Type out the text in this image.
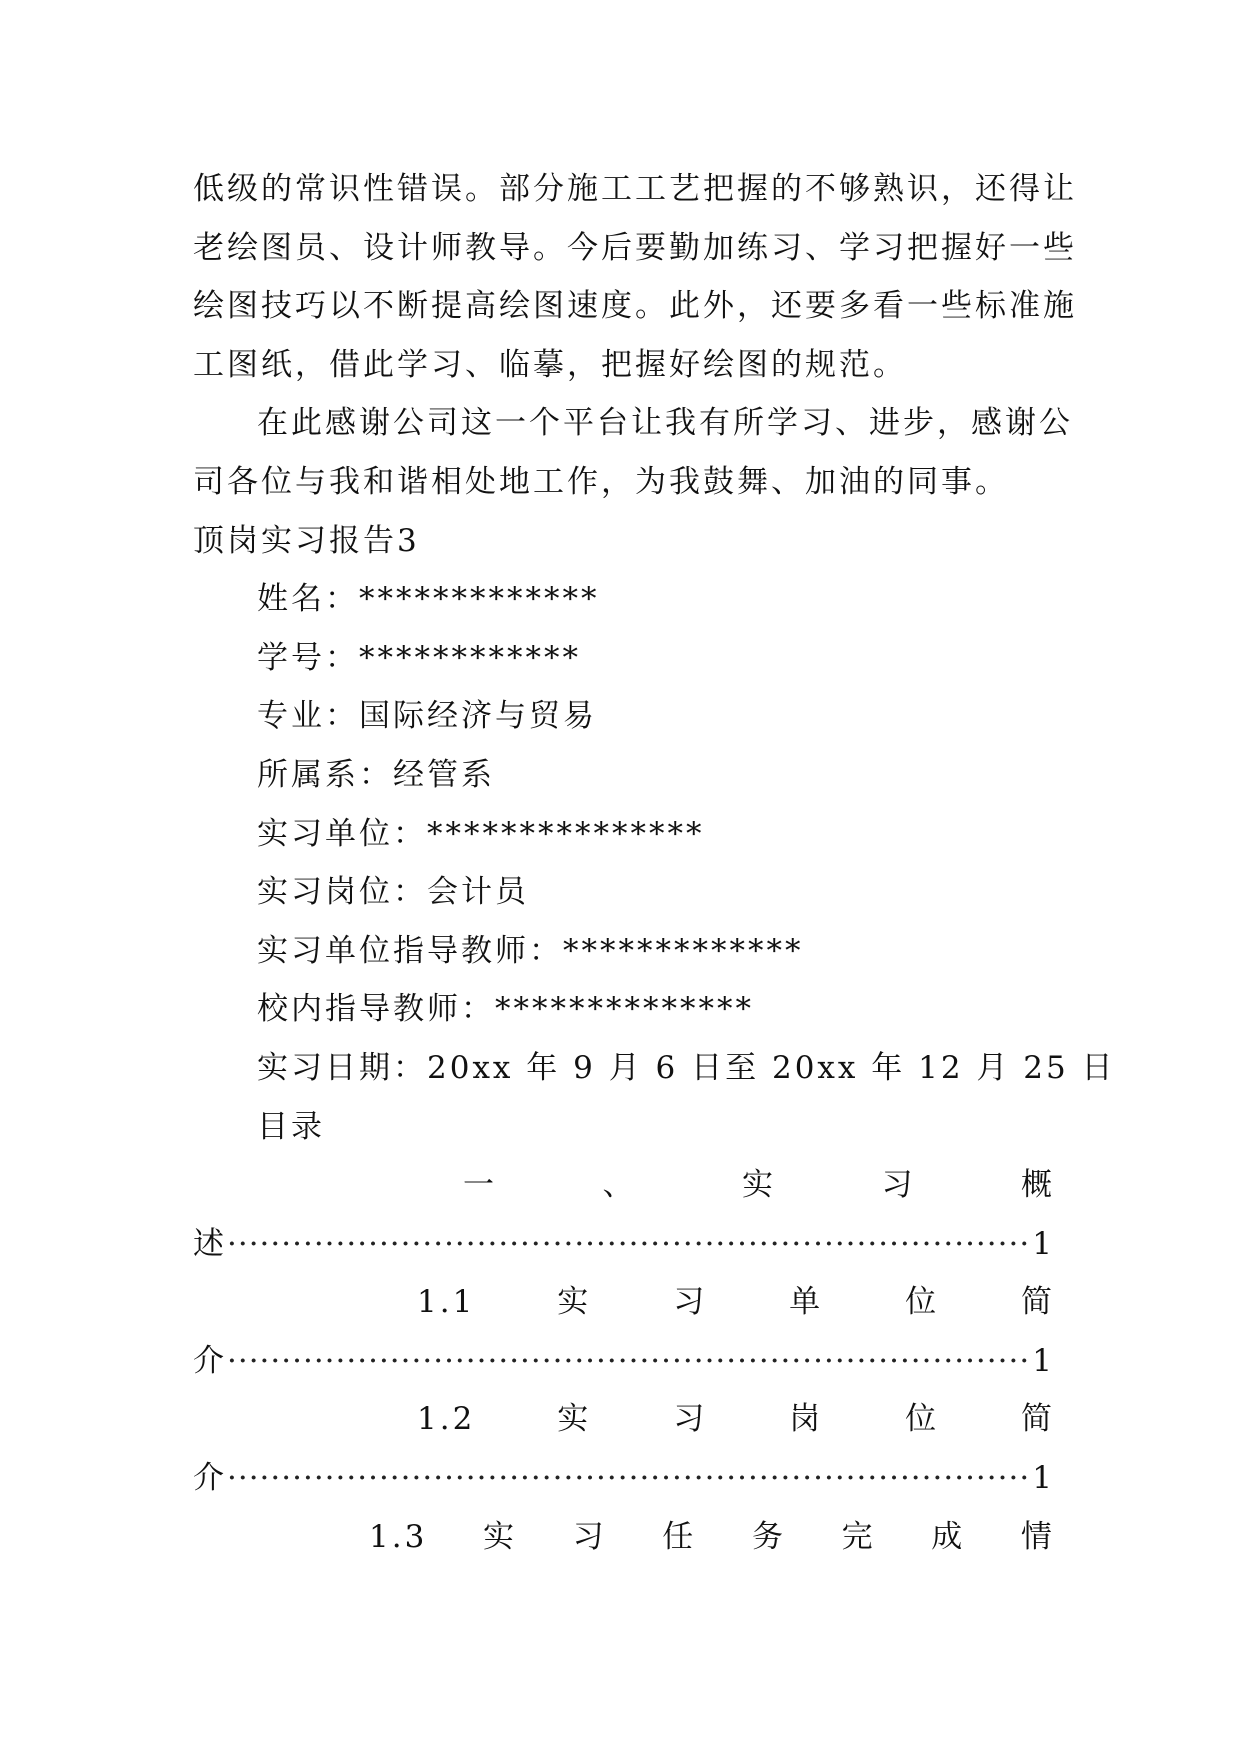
低级的常识性错误。部分施工工艺把握的不够熟识，还得让
老绘图员、设计师教导。今后要勤加练习、学习把握好一些
绘图技巧以不断提高绘图速度。此外，还要多看一些标准施
工图纸，借此学习、临摹，把握好绘图的规范。
在此感谢公司这一个平台让我有所学习、进步，感谢公
司各位与我和谐相处地工作，为我鼓舞、加油的同事。
顶岗实习报告3
姓名：*************
学号：************
专业：国际经济与贸易
所属系：经管系
实习单位：***************
实习岗位：会计员
实习单位指导教师：*************
校内指导教师：**************
实习日期：20xx 年 9 月 6 日至 20xx 年 12 月 25 日
目录
一	、	实	习	概
述 ·····	1
1.1	实	习	单	位	简
介 ·····	1
1.2	实	习	岗	位	简
介 ·····	1
1.3 实 习 任 务 完 成 情
